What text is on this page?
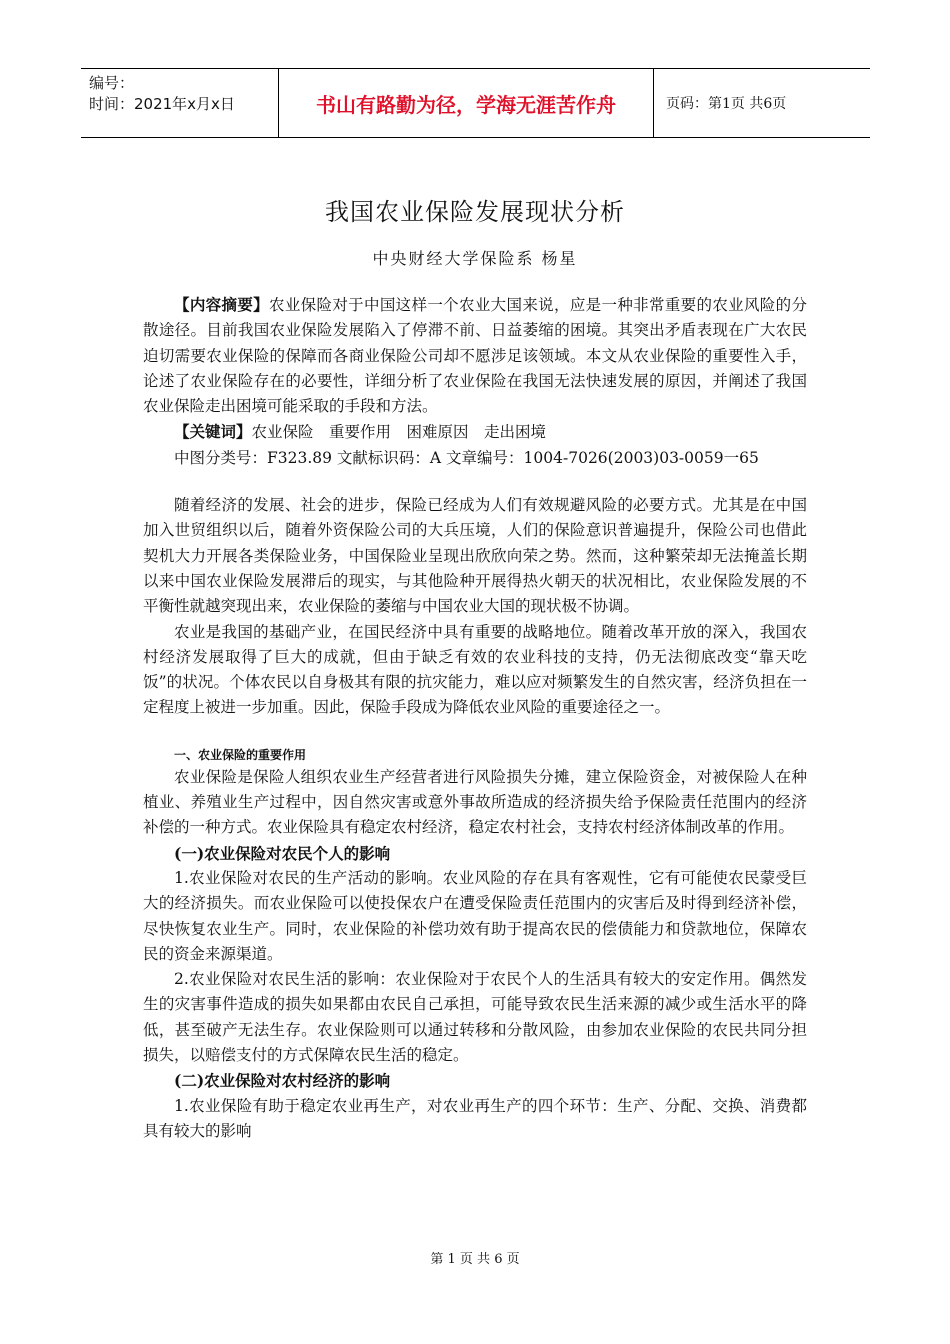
编号：
时间：2021年x月x日	书山有路勤为径，学海无涯苦作舟	页码：第1页 共6页
我国农业保险发展现状分析
中央财经大学保险系 杨星

【内容摘要】农业保险对于中国这样一个农业大国来说，应是一种非常重要的农业风险的分散途径。目前我国农业保险发展陷入了停滞不前、日益萎缩的困境。其突出矛盾表现在广大农民迫切需要农业保险的保障而各商业保险公司却不愿涉足该领域。本文从农业保险的重要性入手，论述了农业保险存在的必要性，详细分析了农业保险在我国无法快速发展的原因，并阐述了我国农业保险走出困境可能采取的手段和方法。

【关键词】农业保险　重要作用　困难原因　走出困境

中图分类号：F323.89 文献标识码：A 文章编号：1004-7026(2003)03-0059一65

随着经济的发展、社会的进步，保险已经成为人们有效规避风险的必要方式。尤其是在中国加入世贸组织以后，随着外资保险公司的大兵压境，人们的保险意识普遍提升，保险公司也借此契机大力开展各类保险业务，中国保险业呈现出欣欣向荣之势。然而，这种繁荣却无法掩盖长期以来中国农业保险发展滞后的现实，与其他险种开展得热火朝天的状况相比，农业保险发展的不平衡性就越突现出来，农业保险的萎缩与中国农业大国的现状极不协调。

农业是我国的基础产业，在国民经济中具有重要的战略地位。随着改革开放的深入，我国农村经济发展取得了巨大的成就，但由于缺乏有效的农业科技的支持，仍无法彻底改变“靠天吃饭”的状况。个体农民以自身极其有限的抗灾能力，难以应对频繁发生的自然灾害，经济负担在一定程度上被进一步加重。因此，保险手段成为降低农业风险的重要途径之一。

一、农业保险的重要作用

农业保险是保险人组织农业生产经营者进行风险损失分摊，建立保险资金，对被保险人在种植业、养殖业生产过程中，因自然灾害或意外事故所造成的经济损失给予保险责任范围内的经济补偿的一种方式。农业保险具有稳定农村经济，稳定农村社会，支持农村经济体制改革的作用。

(一)农业保险对农民个人的影响

1.农业保险对农民的生产活动的影响。农业风险的存在具有客观性，它有可能使农民蒙受巨大的经济损失。而农业保险可以使投保农户在遭受保险责任范围内的灾害后及时得到经济补偿，尽快恢复农业生产。同时，农业保险的补偿功效有助于提高农民的偿债能力和贷款地位，保障农民的资金来源渠道。

2.农业保险对农民生活的影响：农业保险对于农民个人的生活具有较大的安定作用。偶然发生的灾害事件造成的损失如果都由农民自己承担，可能导致农民生活来源的减少或生活水平的降低，甚至破产无法生存。农业保险则可以通过转移和分散风险，由参加农业保险的农民共同分担损失，以赔偿支付的方式保障农民生活的稳定。

(二)农业保险对农村经济的影响

1.农业保险有助于稳定农业再生产，对农业再生产的四个环节：生产、分配、交换、消费都具有较大的影响

第 1 页 共 6 页
